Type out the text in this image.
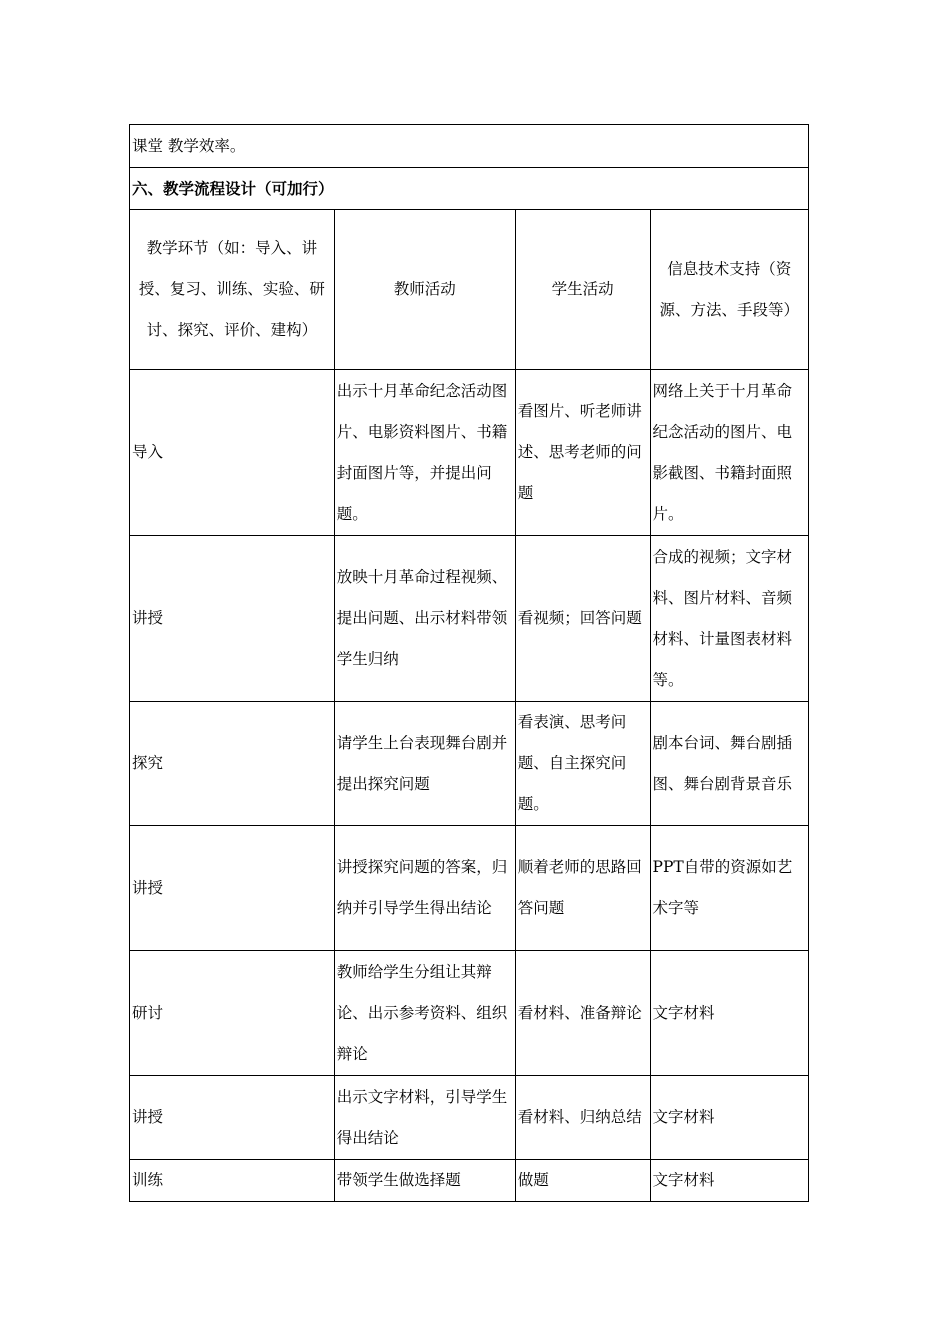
课堂 教学效率。			
六、教学流程设计（可加行）			
教学环节（如：导入、讲授、复习、训练、实验、研讨、探究、评价、建构）	教师活动	学生活动	信息技术支持（资源、方法、手段等）
导入	出示十月革命纪念活动图片、电影资料图片、书籍封面图片等，并提出问题。	看图片、听老师讲述、思考老师的问题	网络上关于十月革命纪念活动的图片、电影截图、书籍封面照片。
讲授	放映十月革命过程视频、提出问题、出示材料带领学生归纳	看视频；回答问题	合成的视频；文字材料、图片材料、音频材料、计量图表材料等。
探究	请学生上台表现舞台剧并提出探究问题	看表演、思考问题、自主探究问题。	剧本台词、舞台剧插图、舞台剧背景音乐
讲授	讲授探究问题的答案，归纳并引导学生得出结论	顺着老师的思路回答问题	PPT自带的资源如艺术字等
研讨	教师给学生分组让其辩论、出示参考资料、组织辩论	看材料、准备辩论	文字材料
讲授	出示文字材料，引导学生得出结论	看材料、归纳总结	文字材料
训练	带领学生做选择题	做题	文字材料
